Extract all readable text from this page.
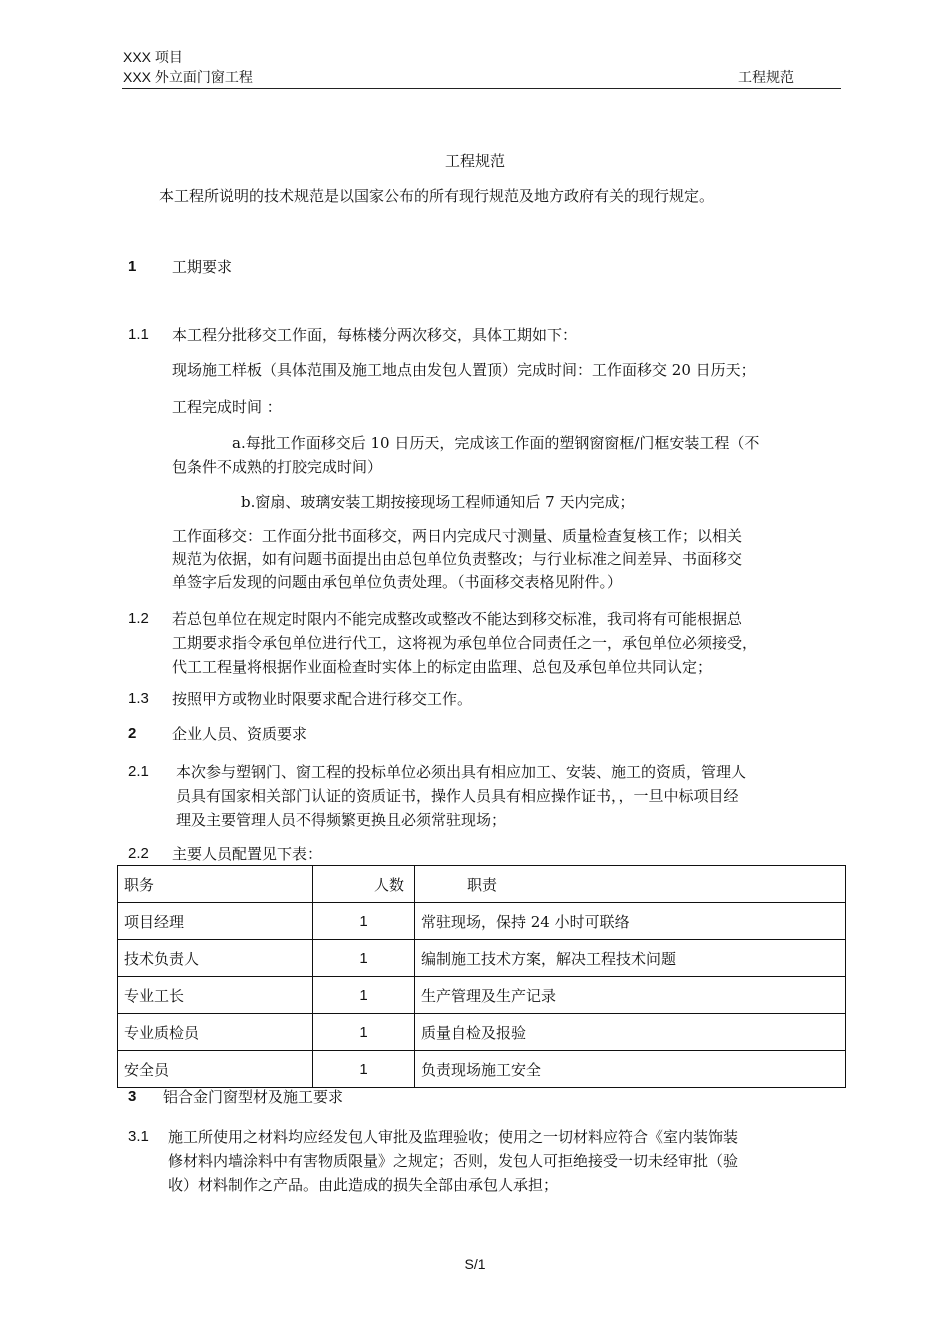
XXX 项目
XXX 外立面门窗工程	工程规范
工程规范
本工程所说明的技术规范是以国家公布的所有现行规范及地方政府有关的现行规定。
1 工期要求
1.1 本工程分批移交工作面，每栋楼分两次移交，具体工期如下：
现场施工样板（具体范围及施工地点由发包人置顶）完成时间：工作面移交 20 日历天；
工程完成时间 ：
a.每批工作面移交后 10 日历天，完成该工作面的塑钢窗窗框/门框安装工程（不
包条件不成熟的打胶完成时间）
b.窗扇、玻璃安装工期按接现场工程师通知后 7 天内完成；
工作面移交：工作面分批书面移交，两日内完成尺寸测量、质量检查复核工作；以相关
规范为依据，如有问题书面提出由总包单位负责整改；与行业标准之间差异、书面移交
单签字后发现的问题由承包单位负责处理。（书面移交表格见附件。）
1.2 若总包单位在规定时限内不能完成整改或整改不能达到移交标准，我司将有可能根据总
工期要求指令承包单位进行代工，这将视为承包单位合同责任之一，承包单位必须接受，
代工工程量将根据作业面检查时实体上的标定由监理、总包及承包单位共同认定；
1.3 按照甲方或物业时限要求配合进行移交工作。
2 企业人员、资质要求
2.1 本次参与塑钢门、窗工程的投标单位必须出具有相应加工、安装、施工的资质，管理人
员具有国家相关部门认证的资质证书，操作人员具有相应操作证书，，一旦中标项目经
理及主要管理人员不得频繁更换且必须常驻现场；
2.2 主要人员配置见下表：
职务	人数	职责
项目经理	1	常驻现场，保持 24 小时可联络
技术负责人	1	编制施工技术方案，解决工程技术问题
专业工长	1	生产管理及生产记录
专业质检员	1	质量自检及报验
安全员	1	负责现场施工安全
3 铝合金门窗型材及施工要求
3.1 施工所使用之材料均应经发包人审批及监理验收；使用之一切材料应符合《室内装饰装
修材料内墙涂料中有害物质限量》之规定；否则，发包人可拒绝接受一切未经审批（验
收）材料制作之产品。由此造成的损失全部由承包人承担；
S/1
